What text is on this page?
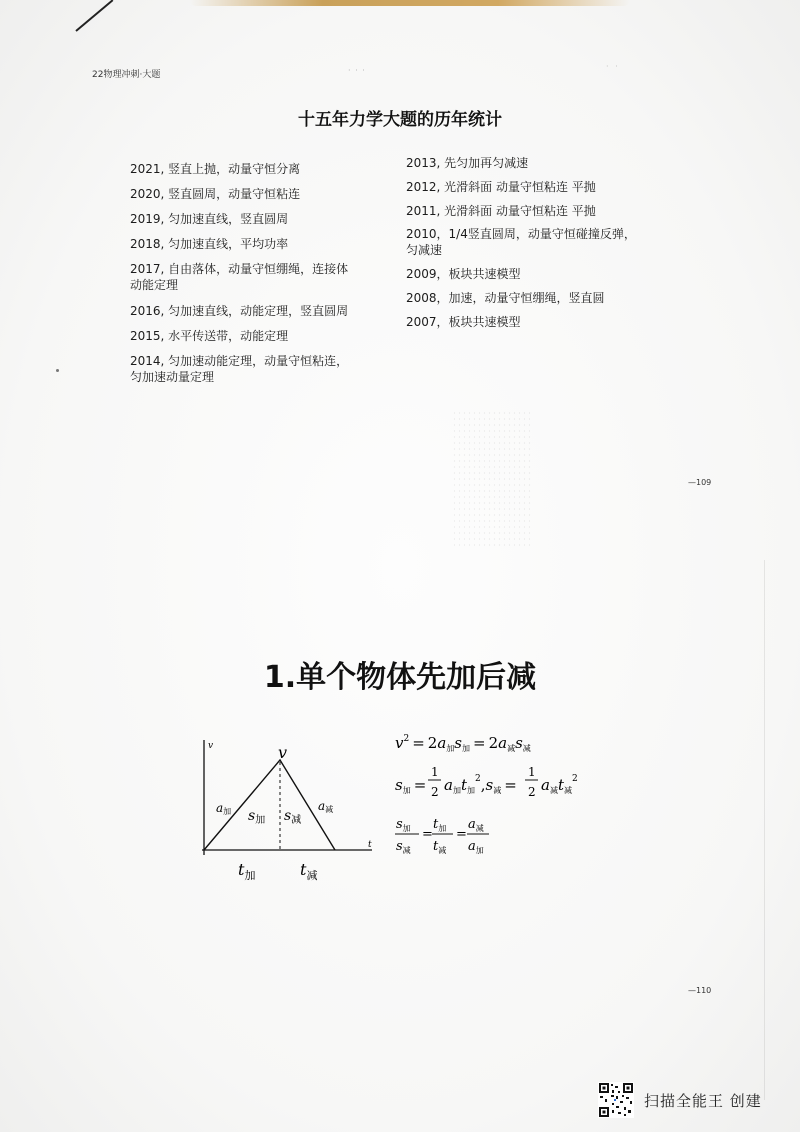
22物理冲刺·大题	· · ·	· ·
十五年力学大题的历年统计

2021, 竖直上抛，动量守恒分离

2020, 竖直圆周，动量守恒粘连

2019, 匀加速直线，竖直圆周

2018, 匀加速直线，平均功率

2017, 自由落体，动量守恒绷绳，连接体动能定理

2016, 匀加速直线，动能定理，竖直圆周

2015, 水平传送带，动能定理

2014, 匀加速动能定理，动量守恒粘连，匀加速动量定理

2013, 先匀加再匀减速

2012, 光滑斜面 动量守恒粘连 平抛

2011, 光滑斜面 动量守恒粘连 平抛

2010，1/4竖直圆周，动量守恒碰撞反弹，匀减速

2009，板块共速模型

2008，加速，动量守恒绷绳，竖直圆

2007，板块共速模型

—109
1.单个物体先加后减
v
t
v
a加 $s_加$ $s_减$
a减
$t_加$	$t_减$
$v^2 = 2a_加s_加 = 2a_减s_减$
$s_加$ =
1
2 $a_加t_加^2,s_减$ =
1
2 $a_减t_减^2$
$s_加$
$s_减$
=
$t_加$
$t_减$
=
$a_减$
$a_加$
—110
扫描全能王 创建
